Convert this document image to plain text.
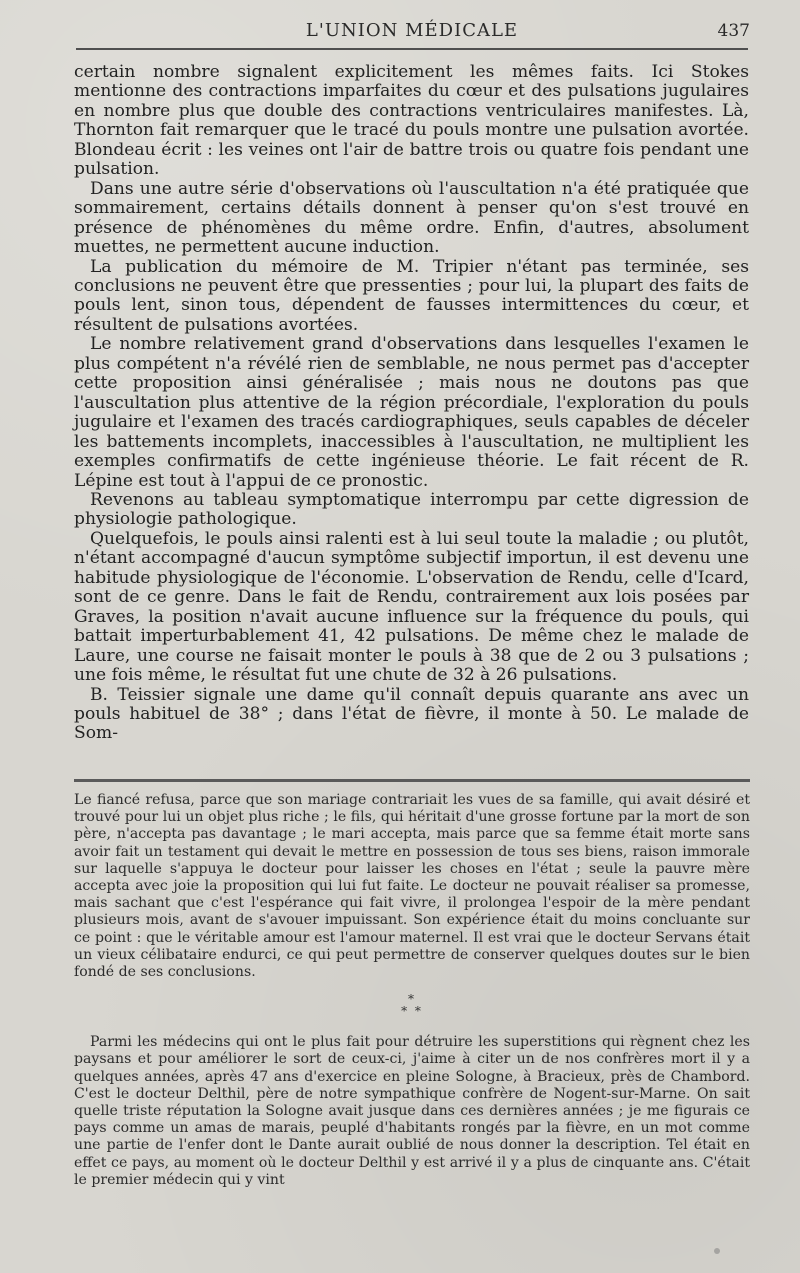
L'UNION MÉDICALE	437

certain nombre signalent explicitement les mêmes faits. Ici Stokes mentionne des contractions imparfaites du cœur et des pulsations jugulaires en nombre plus que double des contractions ventriculaires manifestes. Là, Thornton fait remarquer que le tracé du pouls montre une pulsation avortée. Blondeau écrit : les veines ont l'air de battre trois ou quatre fois pendant une pulsation.

Dans une autre série d'observations où l'auscultation n'a été pratiquée que sommairement, certains détails donnent à penser qu'on s'est trouvé en présence de phénomènes du même ordre. Enfin, d'autres, absolument muettes, ne permettent aucune induction.

La publication du mémoire de M. Tripier n'étant pas terminée, ses conclusions ne peuvent être que pressenties ; pour lui, la plupart des faits de pouls lent, sinon tous, dépendent de fausses intermittences du cœur, et résultent de pulsations avortées.

Le nombre relativement grand d'observations dans lesquelles l'examen le plus compétent n'a révélé rien de semblable, ne nous permet pas d'accepter cette proposition ainsi généralisée ; mais nous ne doutons pas que l'auscultation plus attentive de la région précordiale, l'exploration du pouls jugulaire et l'examen des tracés cardiographiques, seuls capables de déceler les battements incomplets, inaccessibles à l'auscultation, ne multiplient les exemples confirmatifs de cette ingénieuse théorie. Le fait récent de R. Lépine est tout à l'appui de ce pronostic.

Revenons au tableau symptomatique interrompu par cette digression de physiologie pathologique.

Quelquefois, le pouls ainsi ralenti est à lui seul toute la maladie ; ou plutôt, n'étant accompagné d'aucun symptôme subjectif importun, il est devenu une habitude physiologique de l'économie. L'observation de Rendu, celle d'Icard, sont de ce genre. Dans le fait de Rendu, contrairement aux lois posées par Graves, la position n'avait aucune influence sur la fréquence du pouls, qui battait imperturbablement 41, 42 pulsations. De même chez le malade de Laure, une course ne faisait monter le pouls à 38 que de 2 ou 3 pulsations ; une fois même, le résultat fut une chute de 32 à 26 pulsations.

B. Teissier signale une dame qu'il connaît depuis quarante ans avec un pouls habituel de 38° ; dans l'état de fièvre, il monte à 50. Le malade de Som-

Le fiancé refusa, parce que son mariage contrariait les vues de sa famille, qui avait désiré et trouvé pour lui un objet plus riche ; le fils, qui héritait d'une grosse fortune par la mort de son père, n'accepta pas davantage ; le mari accepta, mais parce que sa femme était morte sans avoir fait un testament qui devait le mettre en possession de tous ses biens, raison immorale sur laquelle s'appuya le docteur pour laisser les choses en l'état ; seule la pauvre mère accepta avec joie la proposition qui lui fut faite. Le docteur ne pouvait réaliser sa promesse, mais sachant que c'est l'espérance qui fait vivre, il prolongea l'espoir de la mère pendant plusieurs mois, avant de s'avouer impuissant. Son expérience était du moins concluante sur ce point : que le véritable amour est l'amour maternel. Il est vrai que le docteur Servans était un vieux célibataire endurci, ce qui peut permettre de conserver quelques doutes sur le bien fondé de ses conclusions.

*
* *

Parmi les médecins qui ont le plus fait pour détruire les superstitions qui règnent chez les paysans et pour améliorer le sort de ceux-ci, j'aime à citer un de nos confrères mort il y a quelques années, après 47 ans d'exercice en pleine Sologne, à Bracieux, près de Chambord. C'est le docteur Delthil, père de notre sympathique confrère de Nogent-sur-Marne. On sait quelle triste réputation la Sologne avait jusque dans ces dernières années ; je me figurais ce pays comme un amas de marais, peuplé d'habitants rongés par la fièvre, en un mot comme une partie de l'enfer dont le Dante aurait oublié de nous donner la description. Tel était en effet ce pays, au moment où le docteur Delthil y est arrivé il y a plus de cinquante ans. C'était le premier médecin qui y vint
